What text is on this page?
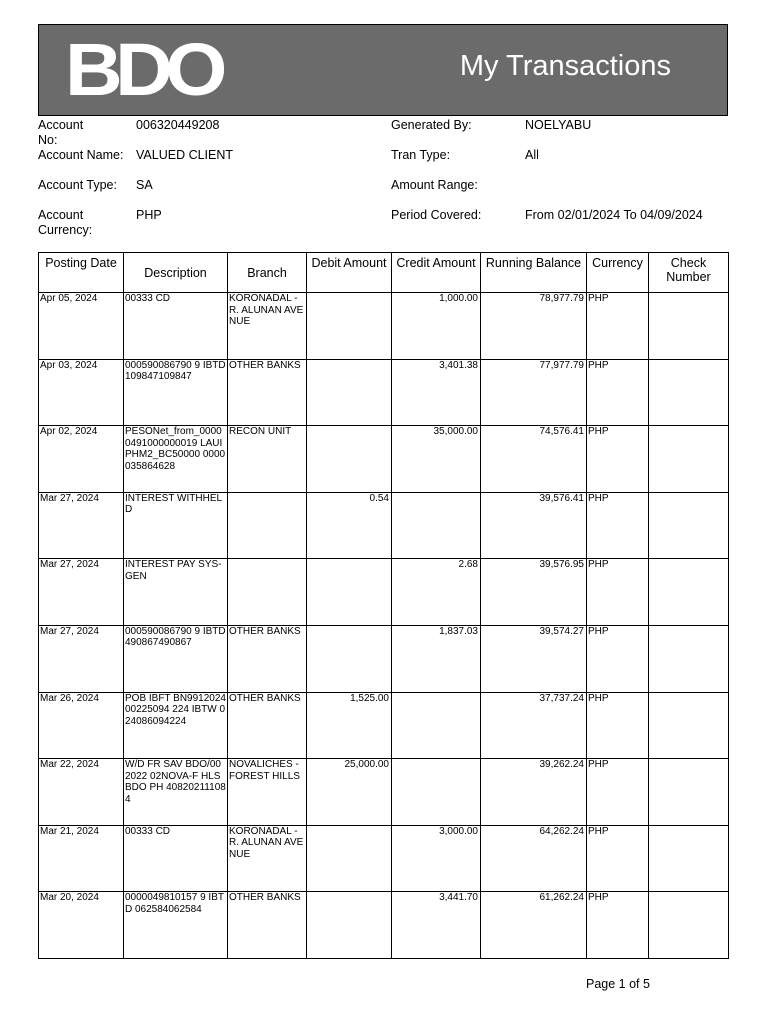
BDO	My Transactions
Account No:
006320449208
Account Name: VALUED CLIENT
Account Type: SA
Account
Currency:
PHP
Generated By:	NOELYABU
Tran Type:	All
Amount Range:
Period Covered:	From 02/01/2024 To 04/09/2024
Posting Date	Description	Branch	Debit Amount	Credit Amount	Running Balance	Currency	Check Number
Apr 05, 2024	00333 CD	KORONADAL - R. ALUNAN AVENUE		1,000.00	78,977.79	PHP	
Apr 03, 2024	000590086790 9 IBTD 109847109847	OTHER BANKS		3,401.38	77,977.79	PHP	
Apr 02, 2024	PESONet_from_0000 0491000000019 LAUIPHM2_BC50000 0000035864628	RECON UNIT		35,000.00	74,576.41	PHP	
Mar 27, 2024	INTEREST WITHHELD		0.54		39,576.41	PHP	
Mar 27, 2024	INTEREST PAY SYS-GEN			2.68	39,576.95	PHP	
Mar 27, 2024	000590086790 9 IBTD 490867490867	OTHER BANKS		1,837.03	39,574.27	PHP	
Mar 26, 2024	POB IBFT BN991202400225094 224 IBTW 024086094224	OTHER BANKS	1,525.00		37,737.24	PHP	
Mar 22, 2024	W/D FR SAV BDO/002022 02NOVA-F HLS BDO PH 408202111084	NOVALICHES - FOREST HILLS	25,000.00		39,262.24	PHP	
Mar 21, 2024	00333 CD	KORONADAL - R. ALUNAN AVENUE		3,000.00	64,262.24	PHP	
Mar 20, 2024	0000049810157 9 IBTD 062584062584	OTHER BANKS		3,441.70	61,262.24	PHP	
Page 1 of 5
